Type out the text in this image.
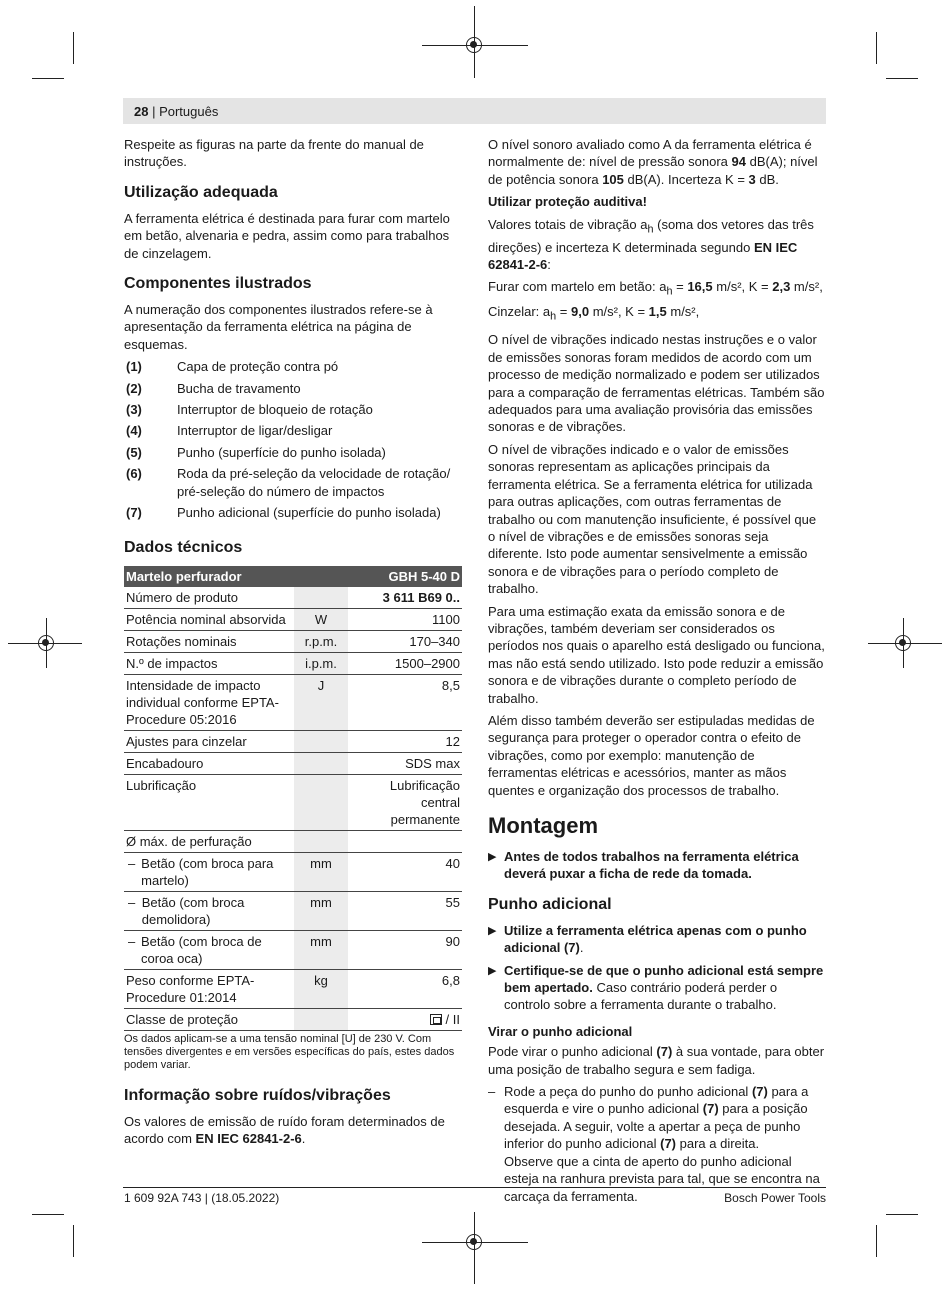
28 | Português

Respeite as figuras na parte da frente do manual de instruções.

Utilização adequada

A ferramenta elétrica é destinada para furar com martelo em betão, alvenaria e pedra, assim como para trabalhos de cinzelagem.

Componentes ilustrados

A numeração dos componentes ilustrados refere-se à apresentação da ferramenta elétrica na página de esquemas.

(1)	Capa de proteção contra pó
(2)	Bucha de travamento
(3)	Interruptor de bloqueio de rotação
(4)	Interruptor de ligar/desligar
(5)	Punho (superfície do punho isolada)
(6)	Roda da pré-seleção da velocidade de rotação/ pré-seleção do número de impactos
(7)	Punho adicional (superfície do punho isolada)
Dados técnicos
Martelo perfurador		GBH 5-40 D
Número de produto		3 611 B69 0..
Potência nominal absorvida	W	1100
Rotações nominais	r.p.m.	170–340
N.º de impactos	i.p.m.	1500–2900
Intensidade de impacto individual conforme EPTA-Procedure 05:2016	J	8,5
Ajustes para cinzelar		12
Encabadouro		SDS max
Lubrificação		Lubrificação central permanente
Ø máx. de perfuração		

– Betão (com broca para martelo)	mm	40

– Betão (com broca demolidora)	mm	55

– Betão (com broca de coroa oca)	mm	90
Peso conforme EPTA-Procedure 01:2014	kg	6,8
Classe de proteção		/ II
Os dados aplicam-se a uma tensão nominal [U] de 230 V. Com tensões divergentes e em versões específicas do país, estes dados podem variar.
Informação sobre ruídos/vibrações

Os valores de emissão de ruído foram determinados de acordo com EN IEC 62841-2-6.

O nível sonoro avaliado como A da ferramenta elétrica é normalmente de: nível de pressão sonora 94 dB(A); nível de potência sonora 105 dB(A). Incerteza K = 3 dB.

Utilizar proteção auditiva!

Valores totais de vibração $a_h$ (soma dos vetores das três direções) e incerteza K determinada segundo EN IEC 62841-2-6:

Furar com martelo em betão: $a_h = 16,5$ m/s², K = 2,3 m/s²,

Cinzelar: $a_h = 9,0$ m/s², K = 1,5 m/s²,

O nível de vibrações indicado nestas instruções e o valor de emissões sonoras foram medidos de acordo com um processo de medição normalizado e podem ser utilizados para a comparação de ferramentas elétricas. Também são adequados para uma avaliação provisória das emissões sonoras e de vibrações.

O nível de vibrações indicado e o valor de emissões sonoras representam as aplicações principais da ferramenta elétrica. Se a ferramenta elétrica for utilizada para outras aplicações, com outras ferramentas de trabalho ou com manutenção insuficiente, é possível que o nível de vibrações e de emissões sonoras seja diferente. Isto pode aumentar sensivelmente a emissão sonora e de vibrações para o período completo de trabalho.

Para uma estimação exata da emissão sonora e de vibrações, também deveriam ser considerados os períodos nos quais o aparelho está desligado ou funciona, mas não está sendo utilizado. Isto pode reduzir a emissão sonora e de vibrações durante o completo período de trabalho.

Além disso também deverão ser estipuladas medidas de segurança para proteger o operador contra o efeito de vibrações, como por exemplo: manutenção de ferramentas elétricas e acessórios, manter as mãos quentes e organização dos processos de trabalho.

Montagem
▶ Antes de todos trabalhos na ferramenta elétrica deverá puxar a ficha de rede da tomada.
Punho adicional
▶ Utilize a ferramenta elétrica apenas com o punho adicional (7).
▶ Certifique-se de que o punho adicional está sempre bem apertado. Caso contrário poderá perder o controlo sobre a ferramenta durante o trabalho.
Virar o punho adicional

Pode virar o punho adicional (7) à sua vontade, para obter uma posição de trabalho segura e sem fadiga.

– Rode a peça do punho do punho adicional (7) para a esquerda e vire o punho adicional (7) para a posição desejada. A seguir, volte a apertar a peça de punho inferior do punho adicional (7) para a direita.
Observe que a cinta de aperto do punho adicional esteja na ranhura prevista para tal, que se encontra na carcaça da ferramenta.
1 609 92A 743 | (18.05.2022)	Bosch Power Tools
